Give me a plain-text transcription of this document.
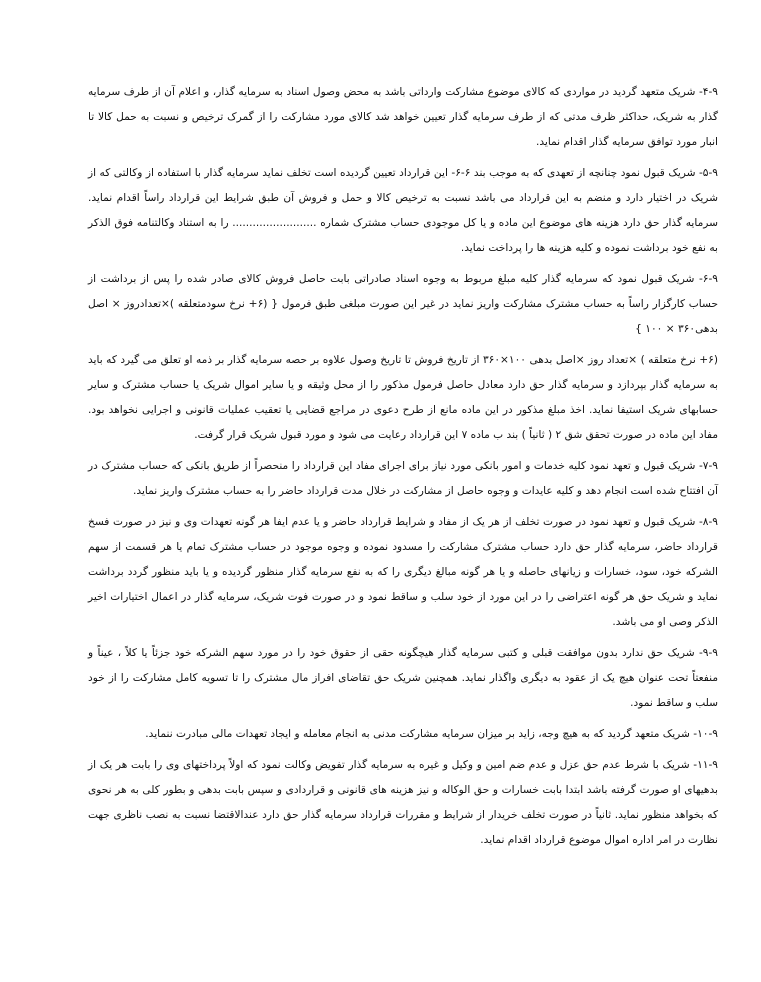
۴-۹- شریک متعهد گردید در مواردی که کالای موضوع مشارکت وارداتی باشد به محض وصول اسناد به سرمایه گذار، و اعلام آن از طرف سرمایه گذار به شریک، حداکثر ظرف مدتی که از طرف سرمایه گذار تعیین خواهد شد کالای مورد مشارکت را از گمرک ترخیص و نسبت به حمل کالا تا انبار مورد توافق سرمایه گذار اقدام نماید.

۵-۹- شریک قبول نمود چنانچه از تعهدی که به موجب بند ۶-۶- این قرارداد تعیین گردیده است تخلف نماید سرمایه گذار با استفاده از وکالتی که از شریک در اختیار دارد و منضم به این قرارداد می باشد نسبت به ترخیص کالا و حمل و فروش آن طبق شرایط این قرارداد راساً اقدام نماید. سرمایه گذار حق دارد هزینه های موضوع این ماده و یا کل موجودی حساب مشترک شماره ......................... را به استناد وکالتنامه فوق الذکر به نفع خود برداشت نموده و کلیه هزینه ها را پرداخت نماید.

۶-۹- شریک قبول نمود که سرمایه گذار کلیه مبلغ مربوط به وجوه اسناد صادراتی بابت حاصل فروش کالای صادر شده را پس از برداشت از حساب کارگزار راساً به حساب مشترک مشارکت واریز نماید در غیر این صورت مبلغی طبق فرمول { (۶+ نرخ سودمتعلقه )×تعدادروز × اصل بدهی۳۶۰ × ۱۰۰ }

(۶+ نرخ متعلقه ) ×تعداد روز ×اصل بدهی ۱۰۰×۳۶۰ از تاریخ فروش تا تاریخ وصول علاوه بر حصه سرمایه گذار بر ذمه او تعلق می گیرد که باید به سرمایه گذار بپردازد و سرمایه گذار حق دارد معادل حاصل فرمول مذکور را از محل وثیقه و یا سایر اموال شریک یا حساب مشترک و سایر حسابهای شریک استیفا نماید. اخذ مبلغ مذکور در این ماده مانع از طرح دعوی در مراجع قضایی یا تعقیب عملیات قانونی و اجرایی نخواهد بود. مفاد این ماده در صورت تحقق شق ۲ ( ثانیاً ) بند ب ماده ۷ این قرارداد رعایت می شود و مورد قبول شریک قرار گرفت.

۷-۹- شریک قبول و تعهد نمود کلیه خدمات و امور بانکی مورد نیاز برای اجرای مفاد این قرارداد را منحصراً از طریق بانکی که حساب مشترک در آن افتتاح شده است انجام دهد و کلیه عایدات و وجوه حاصل از مشارکت در خلال مدت قرارداد حاضر را به حساب مشترک واریز نماید.

۸-۹- شریک قبول و تعهد نمود در صورت تخلف از هر یک از مفاد و شرایط قرارداد حاضر و یا عدم ایفا هر گونه تعهدات وی و نیز در صورت فسخ قرارداد حاضر، سرمایه گذار حق دارد حساب مشترک مشارکت را مسدود نموده و وجوه موجود در حساب مشترک تمام یا هر قسمت از سهم الشرکه خود، سود، خسارات و زیانهای حاصله و یا هر گونه مبالغ دیگری را که به نفع سرمایه گذار منظور گردیده و یا باید منظور گردد برداشت نماید و شریک حق هر گونه اعتراضی را در این مورد از خود سلب و ساقط نمود و در صورت فوت شریک، سرمایه گذار در اعمال اختیارات اخیر الذکر وصی او می باشد.

۹-۹- شریک حق ندارد بدون موافقت قبلی و کتبی سرمایه گذار هیچگونه حقی از حقوق خود را در مورد سهم الشرکه خود جزئاً یا کلاً ، عیناً و منفعتاً تحت عنوان هیچ یک از عقود به دیگری واگذار نماید. همچنین شریک حق تقاضای افراز مال مشترک را تا تسویه کامل مشارکت را از خود سلب و ساقط نمود.

۱۰-۹- شریک متعهد گردید که به هیچ وجه، زاید بر میزان سرمایه مشارکت مدنی به انجام معامله و ایجاد تعهدات مالی مبادرت ننماید.

۱۱-۹- شریک با شرط عدم حق عزل و عدم ضم امین و وکیل و غیره به سرمایه گذار تفویض وکالت نمود که اولاً پرداختهای وی را بابت هر یک از بدهیهای او صورت گرفته باشد ابتدا بابت خسارات و حق الوکاله و نیز هزینه های قانونی و قراردادی و سپس بابت بدهی و بطور کلی به هر نحوی که بخواهد منظور نماید. ثانیاً در صورت تخلف خریدار از شرایط و مقررات قرارداد سرمایه گذار حق دارد عندالاقتضا نسبت به نصب ناظری جهت نظارت در امر اداره اموال موضوع قرارداد اقدام نماید.
